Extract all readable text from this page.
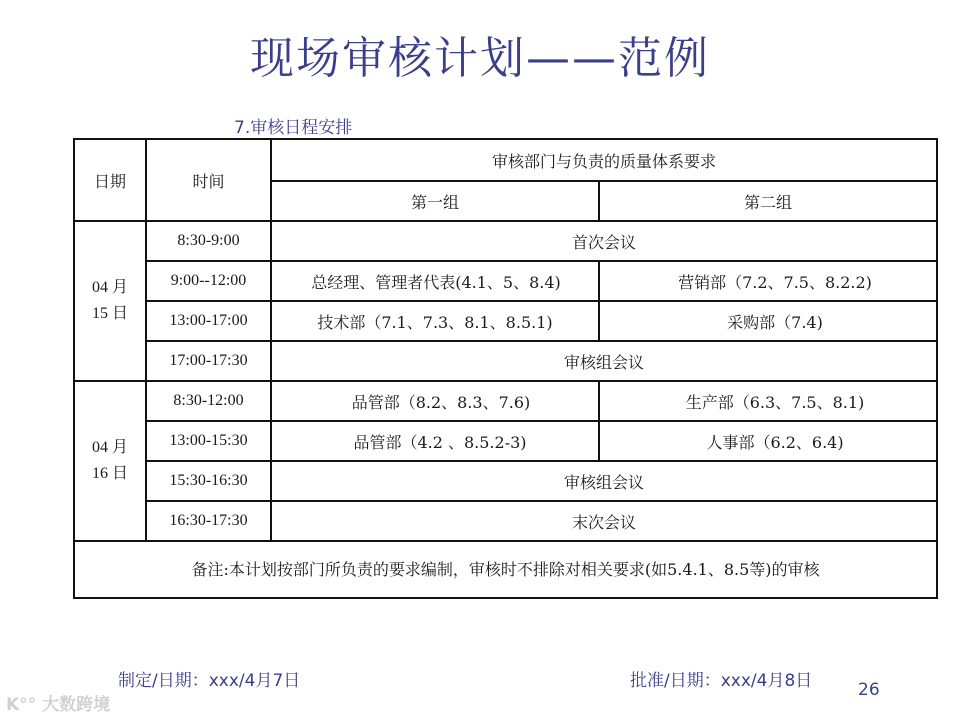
现场审核计划——范例
7.审核日程安排
日期	时间	审核部门与负责的质量体系要求	
		第一组	第二组

04 月
15 日	8:30-9:00	首次会议	
	9:00--12:00	总经理、管理者代表(4.1、5、8.4)	营销部（7.2、7.5、8.2.2)
	13:00-17:00	技术部（7.1、7.3、8.1、8.5.1)	采购部（7.4)
	17:00-17:30	审核组会议	

04 月
16 日	8:30-12:00	品管部（8.2、8.3、7.6)	生产部（6.3、7.5、8.1)
	13:00-15:30	品管部（4.2 、8.5.2-3)	人事部（6.2、6.4)
	15:30-16:30	审核组会议	
	16:30-17:30	末次会议	
备注:本计划按部门所负责的要求编制，审核时不排除对相关要求(如5.4.1、8.5等)的审核			
制定/日期：xxx/4月7日	批准/日期：xxx/4月8日	26
K°° 大数跨境
